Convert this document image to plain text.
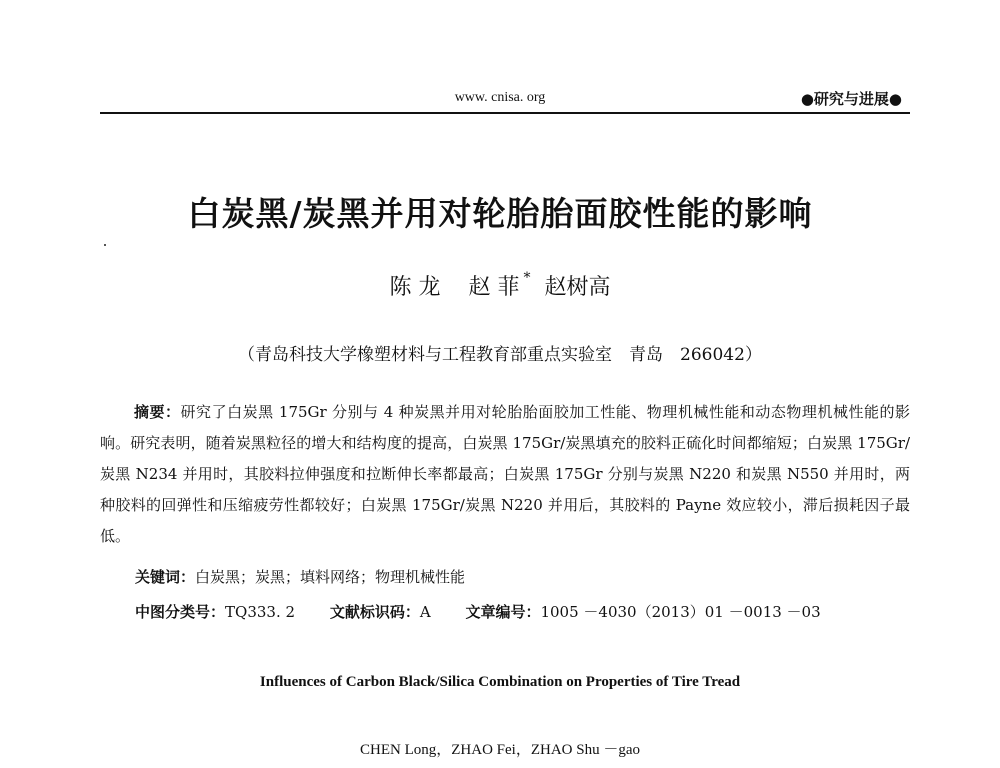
www. cnisa. org	●研究与进展●
白炭黑/炭黑并用对轮胎胎面胶性能的影响
陈 龙 赵 菲 * 赵树高
（青岛科技大学橡塑材料与工程教育部重点实验室　青岛　266042）

摘要：研究了白炭黑 175Gr 分别与 4 种炭黑并用对轮胎胎面胶加工性能、物理机械性能和动态物理机械性能的影响。研究表明，随着炭黑粒径的增大和结构度的提高，白炭黑 175Gr/炭黑填充的胶料正硫化时间都缩短；白炭黑 175Gr/炭黑 N234 并用时，其胶料拉伸强度和拉断伸长率都最高；白炭黑 175Gr 分别与炭黑 N220 和炭黑 N550 并用时，两种胶料的回弹性和压缩疲劳性都较好；白炭黑 175Gr/炭黑 N220 并用后，其胶料的 Payne 效应较小，滞后损耗因子最低。

关键词：白炭黑；炭黑；填料网络；物理机械性能
中图分类号：TQ333. 2 文献标识码：A 文章编号：1005 －4030（2013）01 －0013 －03
Influences of Carbon Black/Silica Combination on Properties of Tire Tread
CHEN Long，ZHAO Fei，ZHAO Shu －gao
